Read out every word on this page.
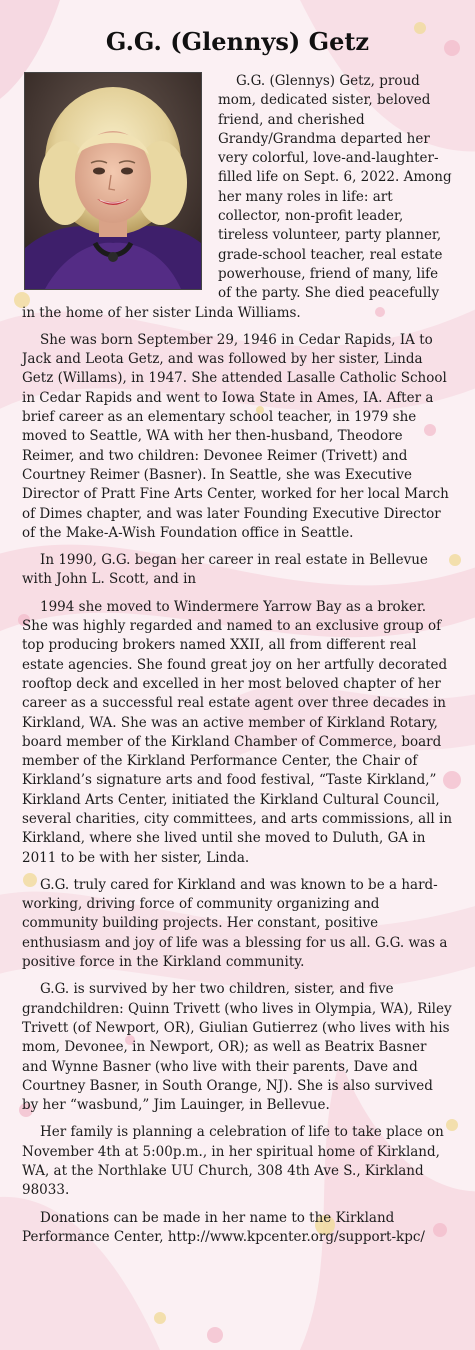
G.G. (Glennys) Getz

G.G. (Glennys) Getz, proud mom, dedicated sister, beloved friend, and cherished Grandy/Grandma departed her very colorful, love-and-laughter-filled life on Sept. 6, 2022. Among her many roles in life: art collector, non-profit leader, tireless volunteer, party planner, grade-school teacher, real estate powerhouse, friend of many, life of the party. She died peacefully in the home of her sister Linda Williams.

She was born September 29, 1946 in Cedar Rapids, IA to Jack and Leota Getz, and was followed by her sister, Linda Getz (Willams), in 1947. She attended Lasalle Catholic School in Cedar Rapids and went to Iowa State in Ames, IA. After a brief career as an elementary school teacher, in 1979 she moved to Seattle, WA with her then-husband, Theodore Reimer, and two children: Devonee Reimer (Trivett) and Courtney Reimer (Basner). In Seattle, she was Executive Director of Pratt Fine Arts Center, worked for her local March of Dimes chapter, and was later Founding Executive Director of the Make-A-Wish Foundation office in Seattle.

In 1990, G.G. began her career in real estate in Bellevue with John L. Scott, and in

1994 she moved to Windermere Yarrow Bay as a broker. She was highly regarded and named to an exclusive group of top producing brokers named XXII, all from different real estate agencies. She found great joy on her artfully decorated rooftop deck and excelled in her most beloved chapter of her career as a successful real estate agent over three decades in Kirkland, WA. She was an active member of Kirkland Rotary, board member of the Kirkland Chamber of Commerce, board member of the Kirkland Performance Center, the Chair of Kirkland’s signature arts and food festival, “Taste Kirkland,” Kirkland Arts Center, initiated the Kirkland Cultural Council, several charities, city committees, and arts commissions, all in Kirkland, where she lived until she moved to Duluth, GA in 2011 to be with her sister, Linda.

G.G. truly cared for Kirkland and was known to be a hard-working, driving force of community organizing and community building projects. Her constant, positive enthusiasm and joy of life was a blessing for us all. G.G. was a positive force in the Kirkland community.

G.G. is survived by her two children, sister, and five grandchildren: Quinn Trivett (who lives in Olympia, WA), Riley Trivett (of Newport, OR), Giulian Gutierrez (who lives with his mom, Devonee, in Newport, OR); as well as Beatrix Basner and Wynne Basner (who live with their parents, Dave and Courtney Basner, in South Orange, NJ). She is also survived by her “wasbund,” Jim Lauinger, in Bellevue.

Her family is planning a celebration of life to take place on November 4th at 5:00p.m., in her spiritual home of Kirkland, WA, at the Northlake UU Church, 308 4th Ave S., Kirkland 98033.

Donations can be made in her name to the Kirkland Performance Center, http://www.kpcenter.org/support-kpc/
